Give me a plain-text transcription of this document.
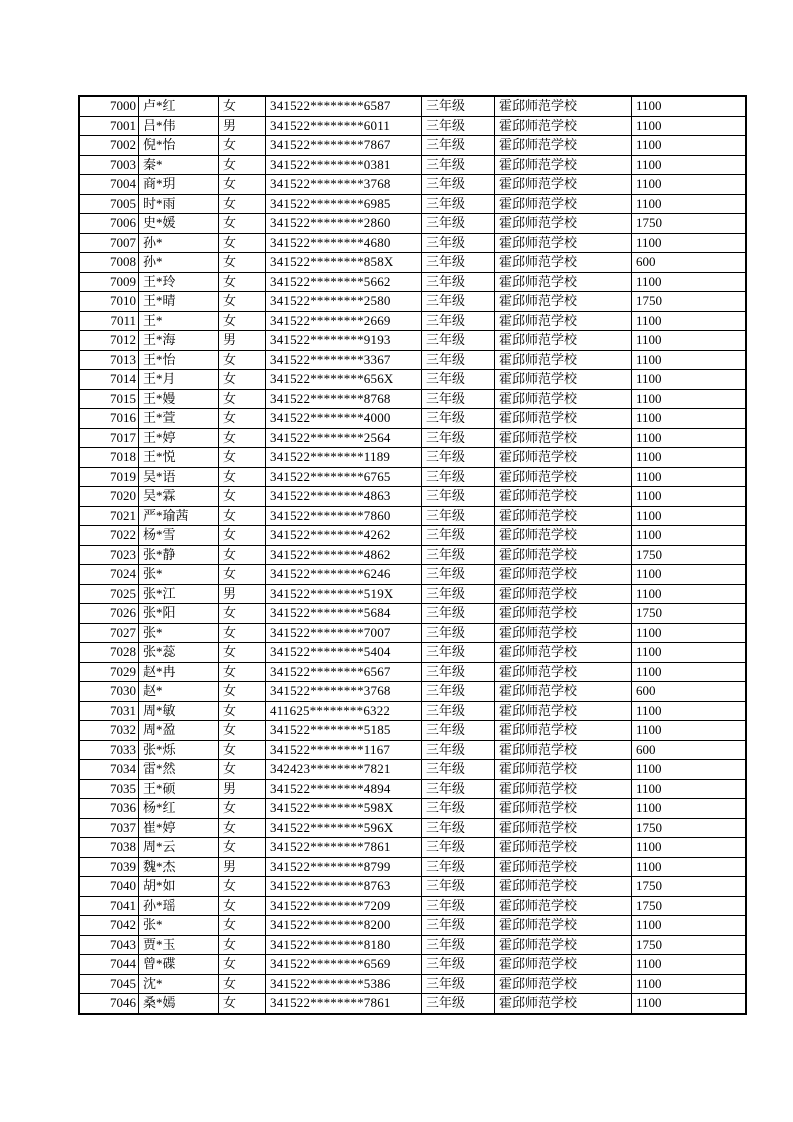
7000	卢*红	女	341522********6587	三年级	霍邱师范学校	1100
7001	吕*伟	男	341522********6011	三年级	霍邱师范学校	1100
7002	倪*怡	女	341522********7867	三年级	霍邱师范学校	1100
7003	秦*	女	341522********0381	三年级	霍邱师范学校	1100
7004	商*玥	女	341522********3768	三年级	霍邱师范学校	1100
7005	时*雨	女	341522********6985	三年级	霍邱师范学校	1100
7006	史*媛	女	341522********2860	三年级	霍邱师范学校	1750
7007	孙*	女	341522********4680	三年级	霍邱师范学校	1100
7008	孙*	女	341522********858X	三年级	霍邱师范学校	600
7009	王*玲	女	341522********5662	三年级	霍邱师范学校	1100
7010	王*晴	女	341522********2580	三年级	霍邱师范学校	1750
7011	王*	女	341522********2669	三年级	霍邱师范学校	1100
7012	王*海	男	341522********9193	三年级	霍邱师范学校	1100
7013	王*怡	女	341522********3367	三年级	霍邱师范学校	1100
7014	王*月	女	341522********656X	三年级	霍邱师范学校	1100
7015	王*嫚	女	341522********8768	三年级	霍邱师范学校	1100
7016	王*萱	女	341522********4000	三年级	霍邱师范学校	1100
7017	王*婷	女	341522********2564	三年级	霍邱师范学校	1100
7018	王*悦	女	341522********1189	三年级	霍邱师范学校	1100
7019	吴*语	女	341522********6765	三年级	霍邱师范学校	1100
7020	吴*霖	女	341522********4863	三年级	霍邱师范学校	1100
7021	严*瑜茜	女	341522********7860	三年级	霍邱师范学校	1100
7022	杨*雪	女	341522********4262	三年级	霍邱师范学校	1100
7023	张*静	女	341522********4862	三年级	霍邱师范学校	1750
7024	张*	女	341522********6246	三年级	霍邱师范学校	1100
7025	张*江	男	341522********519X	三年级	霍邱师范学校	1100
7026	张*阳	女	341522********5684	三年级	霍邱师范学校	1750
7027	张*	女	341522********7007	三年级	霍邱师范学校	1100
7028	张*蕊	女	341522********5404	三年级	霍邱师范学校	1100
7029	赵*冉	女	341522********6567	三年级	霍邱师范学校	1100
7030	赵*	女	341522********3768	三年级	霍邱师范学校	600
7031	周*敏	女	411625********6322	三年级	霍邱师范学校	1100
7032	周*盈	女	341522********5185	三年级	霍邱师范学校	1100
7033	张*烁	女	341522********1167	三年级	霍邱师范学校	600
7034	雷*然	女	342423********7821	三年级	霍邱师范学校	1100
7035	王*硕	男	341522********4894	三年级	霍邱师范学校	1100
7036	杨*红	女	341522********598X	三年级	霍邱师范学校	1100
7037	崔*婷	女	341522********596X	三年级	霍邱师范学校	1750
7038	周*云	女	341522********7861	三年级	霍邱师范学校	1100
7039	魏*杰	男	341522********8799	三年级	霍邱师范学校	1100
7040	胡*如	女	341522********8763	三年级	霍邱师范学校	1750
7041	孙*瑶	女	341522********7209	三年级	霍邱师范学校	1750
7042	张*	女	341522********8200	三年级	霍邱师范学校	1100
7043	贾*玉	女	341522********8180	三年级	霍邱师范学校	1750
7044	曾*碟	女	341522********6569	三年级	霍邱师范学校	1100
7045	沈*	女	341522********5386	三年级	霍邱师范学校	1100
7046	桑*嫣	女	341522********7861	三年级	霍邱师范学校	1100
